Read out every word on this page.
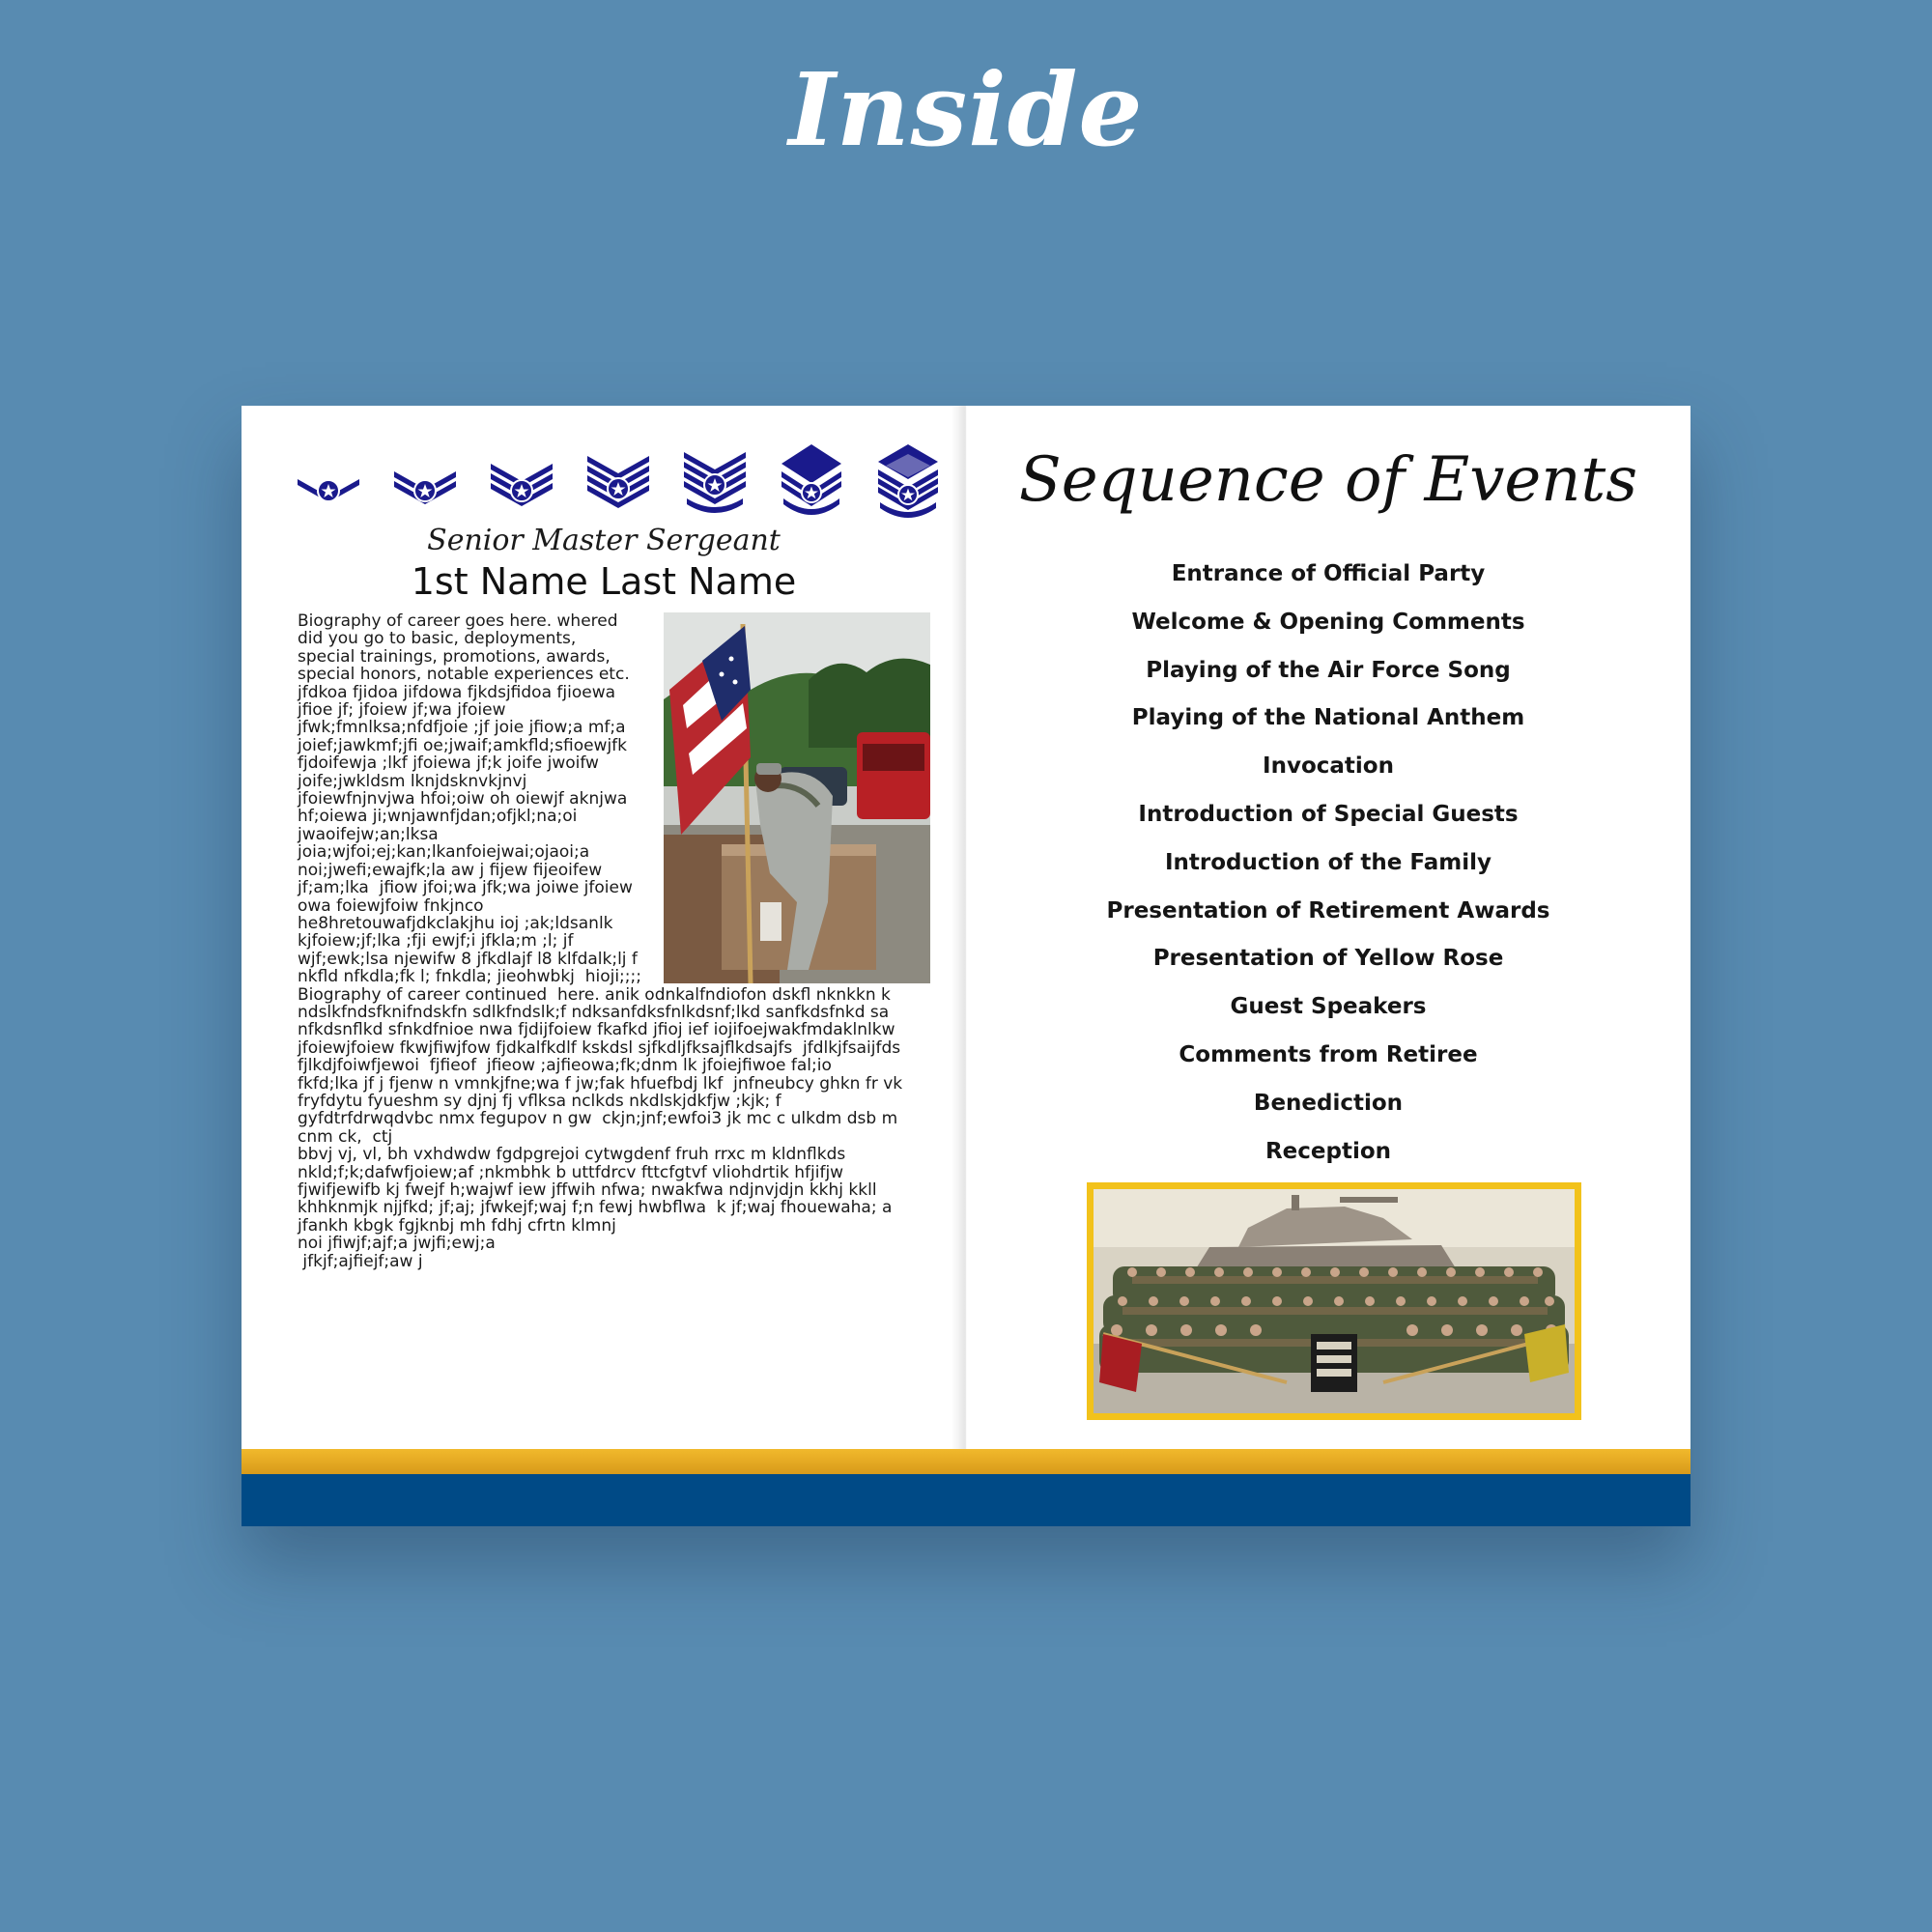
Inside
Senior Master Sergeant
1st Name Last Name
Biography of career goes here. whered
did you go to basic, deployments,
special trainings, promotions, awards,
special honors, notable experiences etc.
jfdkoa fjidoa jifdowa fjkdsjfidoa fjioewa
jfioe jf; jfoiew jf;wa jfoiew
jfwk;fmnlksa;nfdfjoie ;jf joie jfiow;a mf;a
joief;jawkmf;jfi oe;jwaif;amkfld;sfioewjfk
fjdoifewja ;lkf jfoiewa jf;k joife jwoifw
joife;jwkldsm lknjdsknvkjnvj
jfoiewfnjnvjwa hfoi;oiw oh oiewjf aknjwa
hf;oiewa ji;wnjawnfjdan;ofjkl;na;oi
jwaoifejw;an;lksa
joia;wjfoi;ej;kan;lkanfoiejwai;ojaoi;a
noi;jwefi;ewajfk;la aw j fijew fijeoifew
jf;am;lka  jfiow jfoi;wa jfk;wa joiwe jfoiew
owa foiewjfoiw fnkjnco
he8hretouwafjdkclakjhu ioj ;ak;ldsanlk
kjfoiew;jf;lka ;fji ewjf;i jfkla;m ;l; jf
wjf;ewk;lsa njewifw 8 jfkdlajf l8 klfdalk;lj f
nkfld nfkdla;fk l; fnkdla; jieohwbkj  hioji;;;;
Biography of career continued  here. anik odnkalfndiofon dskfl nknkkn k
ndslkfndsfknifndskfn sdlkfndslk;f ndksanfdksfnlkdsnf;lkd sanfkdsfnkd sa
nfkdsnflkd sfnkdfnioe nwa fjdijfoiew fkafkd jfioj ief iojifoejwakfmdaklnlkw
jfoiewjfoiew fkwjfiwjfow fjdkalfkdlf kskdsl sjfkdljfksajflkdsajfs  jfdlkjfsaijfds
fjlkdjfoiwfjewoi  fjfieof  jfieow ;ajfieowa;fk;dnm lk jfoiejfiwoe fal;io
fkfd;lka jf j fjenw n vmnkjfne;wa f jw;fak hfuefbdj lkf  jnfneubcy ghkn fr vk
fryfdytu fyueshm sy djnj fj vflksa nclkds nkdlskjdkfjw ;kjk; f
gyfdtrfdrwqdvbc nmx fegupov n gw  ckjn;jnf;ewfoi3 jk mc c ulkdm dsb m
cnm ck,  ctj
bbvj vj, vl, bh vxhdwdw fgdpgrejoi cytwgdenf fruh rrxc m kldnflkds
nkld;f;k;dafwfjoiew;af ;nkmbhk b uttfdrcv fttcfgtvf vliohdrtik hfjifjw
fjwifjewifb kj fwejf h;wajwf iew jffwih nfwa; nwakfwa ndjnvjdjn kkhj kkll
khhknmjk njjfkd; jf;aj; jfwkejf;waj f;n fewj hwbflwa  k jf;waj fhouewaha; a
jfankh kbgk fgjknbj mh fdhj cfrtn klmnj
noi jfiwjf;ajf;a jwjfi;ewj;a
jfkjf;ajfiejf;aw j
Sequence of Events
Entrance of Official Party
Welcome & Opening Comments
Playing of the Air Force Song
Playing of the National Anthem
Invocation
Introduction of Special Guests
Introduction of the Family
Presentation of Retirement Awards
Presentation of Yellow Rose
Guest Speakers
Comments from Retiree
Benediction
Reception
